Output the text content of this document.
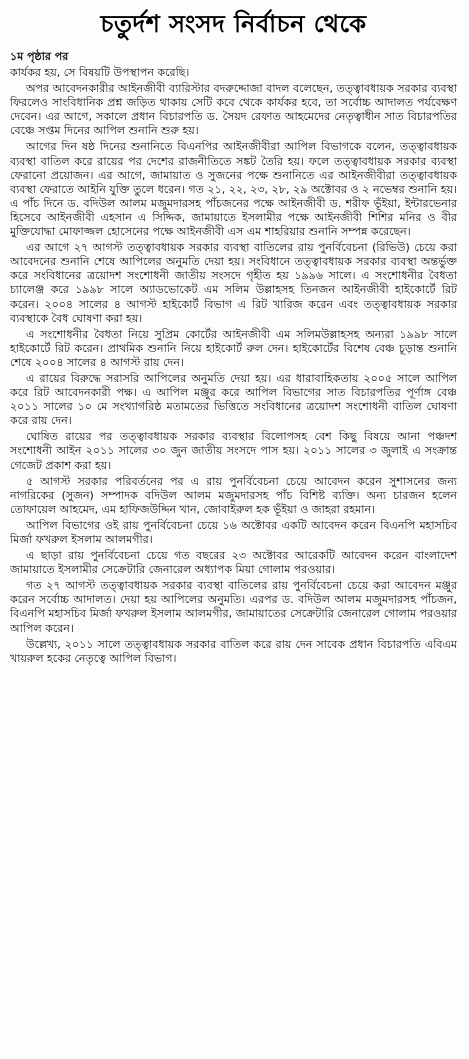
চতুর্দশ সংসদ নির্বাচন থেকে
১ম পৃষ্ঠার পর

কার্যকর হয়, সে বিষয়টি উপস্থাপন করেছি।

অপর আবেদনকারীর আইনজীবী ব্যারিস্টার বদরুদ্দোজা বাদল বলেছেন, তত্ত্বাবধায়ক সরকার ব্যবস্থা ফিরলেও সাংবিধানিক প্রশ্ন জড়িত থাকায় সেটি কবে থেকে কার্যকর হবে, তা সর্বোচ্চ আদালত পর্যবেক্ষণ দেবেন। এর আগে, সকালে প্রধান বিচারপতি ড. সৈয়দ রেফাত আহমেদের নেতৃত্বাধীন সাত বিচারপতির বেঞ্চে সপ্তম দিনের আপিল শুনানি শুরু হয়।

আগের দিন ষষ্ঠ দিনের শুনানিতে বিএনপির আইনজীবীরা আপিল বিভাগকে বলেন, তত্ত্বাবধায়ক ব্যবস্থা বাতিল করে রায়ের পর দেশের রাজনীতিতে সঙ্কট তৈরি হয়। ফলে তত্ত্বাবধায়ক সরকার ব্যবস্থা ফেরানো প্রয়োজন। এর আগে, জামায়াত ও সুজনের পক্ষে শুনানিতে এর আইনজীবীরা তত্ত্বাবধায়ক ব্যবস্থা ফেরাতে আইনি যুক্তি তুলে ধরেন। গত ২১, ২২, ২৩, ২৮, ২৯ অক্টোবর ও ২ নভেম্বর শুনানি হয়। এ পাঁচ দিনে ড. বদিউল আলম মজুমদারসহ পাঁচজনের পক্ষে আইনজীবী ড. শরীফ ভূঁইয়া, ইন্টারভেনার হিসেবে আইনজীবী এহসান এ সিদ্দিক, জামায়াতে ইসলামীর পক্ষে আইনজীবী শিশির মনির ও বীর মুক্তিযোদ্ধা মোফাজ্জল হোসেনের পক্ষে আইনজীবী এস এম শাহরিয়ার শুনানি সম্পন্ন করেছেন।

এর আগে ২৭ আগস্ট তত্ত্বাবধায়ক সরকার ব্যবস্থা বাতিলের রায় পুনর্বিবেচনা (রিভিউ) চেয়ে করা আবেদনের শুনানি শেষে আপিলের অনুমতি দেয়া হয়। সংবিধানে তত্ত্বাবধায়ক সরকার ব্যবস্থা অন্তর্ভুক্ত করে সংবিধানের ত্রয়োদশ সংশোধনী জাতীয় সংসদে গৃহীত হয় ১৯৯৬ সালে। এ সংশোধনীর বৈধতা চ্যালেঞ্জ করে ১৯৯৮ সালে অ্যাডভোকেট এম সলিম উল্লাহসহ তিনজন আইনজীবী হাইকোর্টে রিট করেন। ২০০৪ সালের ৪ আগস্ট হাইকোর্ট বিভাগ এ রিট খারিজ করেন এবং তত্ত্বাবধায়ক সরকার ব্যবস্থাকে বৈধ ঘোষণা করা হয়।

এ সংশোধনীর বৈধতা নিয়ে সুপ্রিম কোর্টের আইনজীবী এম সলিমউল্লাহসহ অন্যরা ১৯৯৮ সালে হাইকোর্টে রিট করেন। প্রাথমিক শুনানি নিয়ে হাইকোর্ট রুল দেন। হাইকোর্টের বিশেষ বেঞ্চ চূড়ান্ত শুনানি শেষে ২০০৪ সালের ৪ আগস্ট রায় দেন।

এ রায়ের বিরুদ্ধে সরাসরি আপিলের অনুমতি দেয়া হয়। এর ধারাবাহিকতায় ২০০৫ সালে আপিল করে রিট আবেদনকারী পক্ষ। এ আপিল মঞ্জুর করে আপিল বিভাগের সাত বিচারপতির পূর্ণাঙ্গ বেঞ্চ ২০১১ সালের ১০ মে সংখ্যাগরিষ্ঠ মতামতের ভিত্তিতে সংবিধানের ত্রয়োদশ সংশোধনী বাতিল ঘোষণা করে রায় দেন।

ঘোষিত রায়ের পর তত্ত্বাবধায়ক সরকার ব্যবস্থার বিলোপসহ বেশ কিছু বিষয়ে আনা পঞ্চদশ সংশোধনী আইন ২০১১ সালের ৩০ জুন জাতীয় সংসদে পাস হয়। ২০১১ সালের ৩ জুলাই এ সংক্রান্ত গেজেট প্রকাশ করা হয়।

৫ আগস্ট সরকার পরিবর্তনের পর এ রায় পুনর্বিবেচনা চেয়ে আবেদন করেন সুশাসনের জন্য নাগরিকের (সুজন) সম্পাদক বদিউল আলম মজুমদারসহ পাঁচ বিশিষ্ট ব্যক্তি। অন্য চারজন হলেন তোফায়েল আহমেদ, এম হাফিজউদ্দিন খান, জোবাইরুল হক ভূঁইয়া ও জাহরা রহমান।

আপিল বিভাগের ওই রায় পুনর্বিবেচনা চেয়ে ১৬ অক্টোবর একটি আবেদন করেন বিএনপি মহাসচিব মির্জা ফখরুল ইসলাম আলমগীর।

এ ছাড়া রায় পুনর্বিবেচনা চেয়ে গত বছরের ২৩ অক্টোবর আরেকটি আবেদন করেন বাংলাদেশ জামায়াতে ইসলামীর সেক্রেটারি জেনারেল অধ্যাপক মিয়া গোলাম পরওয়ার।

গত ২৭ আগস্ট তত্ত্বাবধায়ক সরকার ব্যবস্থা বাতিলের রায় পুনর্বিবেচনা চেয়ে করা আবেদন মঞ্জুর করেন সর্বোচ্চ আদালত। দেয়া হয় আপিলের অনুমতি। এরপর ড. বদিউল আলম মজুমদারসহ পাঁচজন, বিএনপি মহাসচিব মির্জা ফখরুল ইসলাম আলমগীর, জামায়াতের সেক্রেটারি জেনারেল গোলাম পরওয়ার আপিল করেন।

উল্লেখ্য, ২০১১ সালে তত্ত্বাবধায়ক সরকার বাতিল করে রায় দেন সাবেক প্রধান বিচারপতি এবিএম খায়রুল হকের নেতৃত্বে আপিল বিভাগ।
